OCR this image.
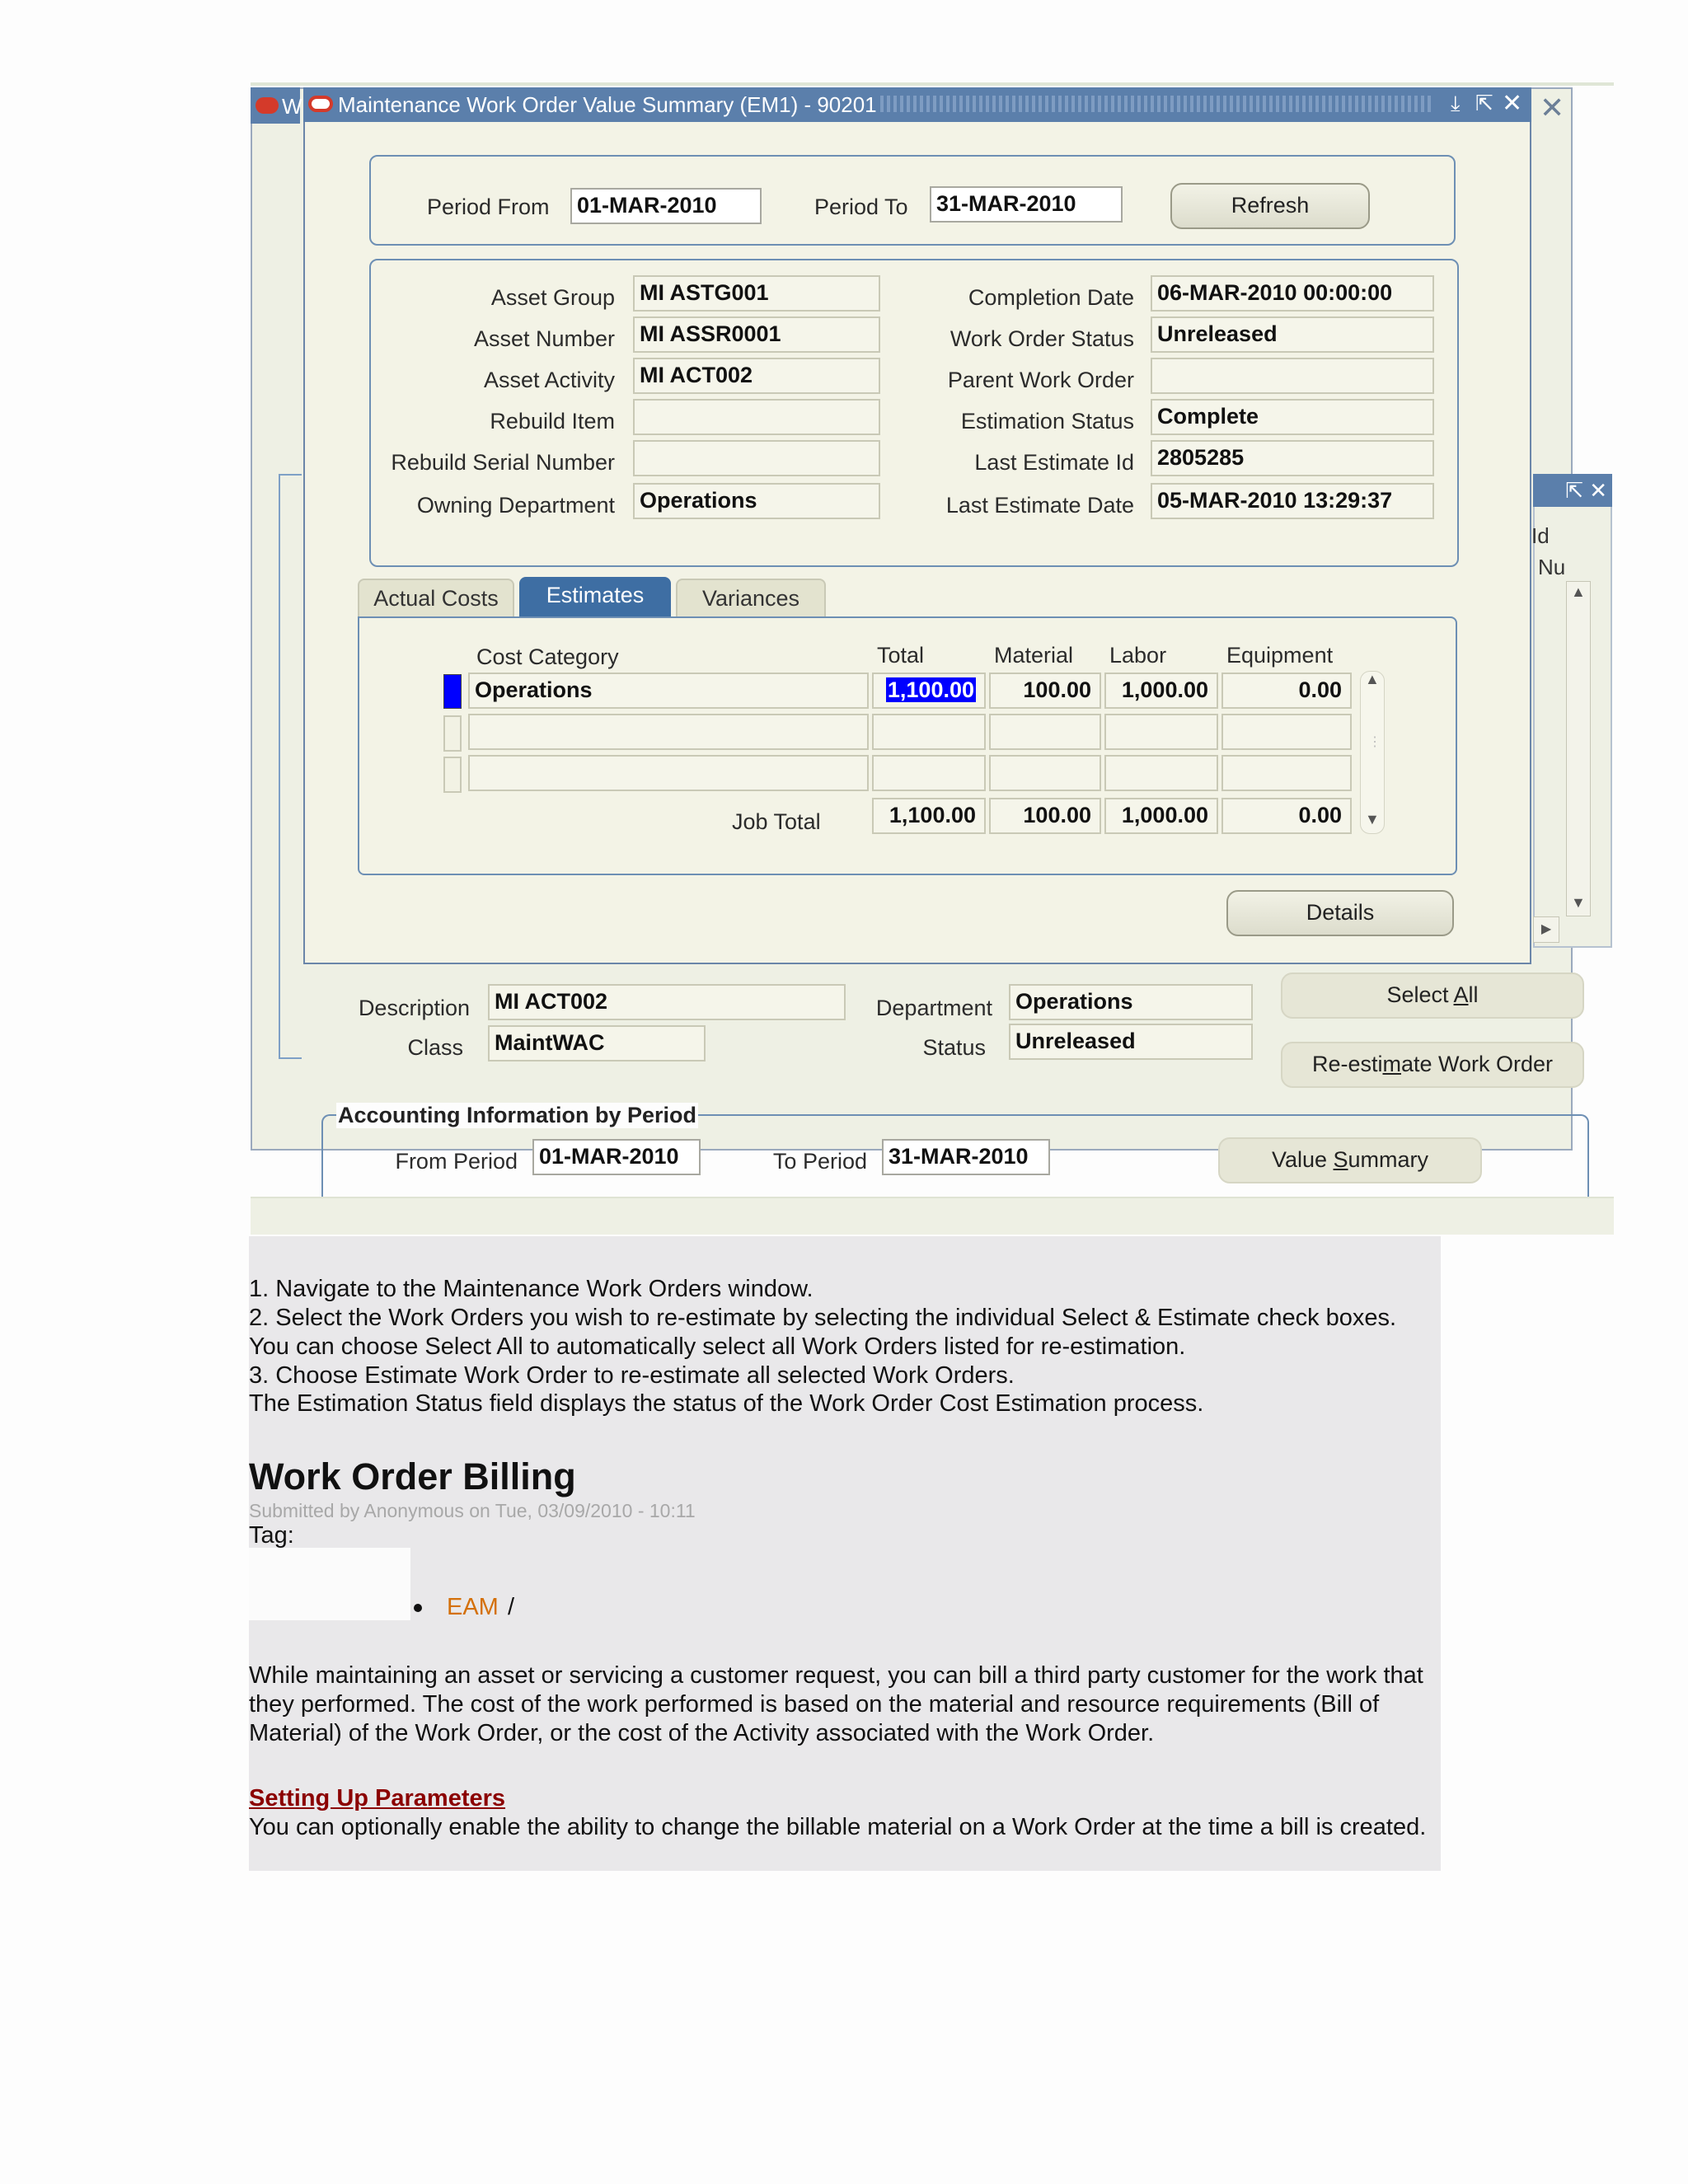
W	✕
⇱ ✕
Id
Nu
▲
▼
▶
Maintenance Work Order Value Summary (EM1) - 90201	⤓ ⇱ ✕
Period From 01-MAR-2010	Period To 31-MAR-2010	Refresh
Asset Group MI ASTG001
Asset Number MI ASSR0001
Asset Activity MI ACT002
Rebuild Item
Rebuild Serial Number
Owning Department Operations
Completion Date 06-MAR-2010 00:00:00
Work Order Status Unreleased
Parent Work Order
Estimation Status Complete
Last Estimate Id 2805285
Last Estimate Date 05-MAR-2010 13:29:37
Actual Costs	Estimates	Variances
Cost Category	Total	Material Labor	Equipment
Operations	1,100.00	100.00	1,000.00	0.00
Job Total	1,100.00	100.00	1,000.00	0.00
▲
⋮
▼
Details
Description MI ACT002
Class MaintWAC
Department Operations
Status Unreleased
Select All
Re-estimate Work Order
Accounting Information by Period
From Period 01-MAR-2010	To Period 31-MAR-2010	Value Summary
1. Navigate to the Maintenance Work Orders window.
2. Select the Work Orders you wish to re-estimate by selecting the individual Select & Estimate check boxes. You can choose Select All to automatically select all Work Orders listed for re-estimation.
3. Choose Estimate Work Order to re-estimate all selected Work Orders.
The Estimation Status field displays the status of the Work Order Cost Estimation process.
Work Order Billing
Submitted by Anonymous on Tue, 03/09/2010 - 10:11
Tag:
EAM /
While maintaining an asset or servicing a customer request, you can bill a third party customer for the work that they performed. The cost of the work performed is based on the material and resource requirements (Bill of Material) of the Work Order, or the cost of the Activity associated with the Work Order.
Setting Up Parameters
You can optionally enable the ability to change the billable material on a Work Order at the time a bill is created.
